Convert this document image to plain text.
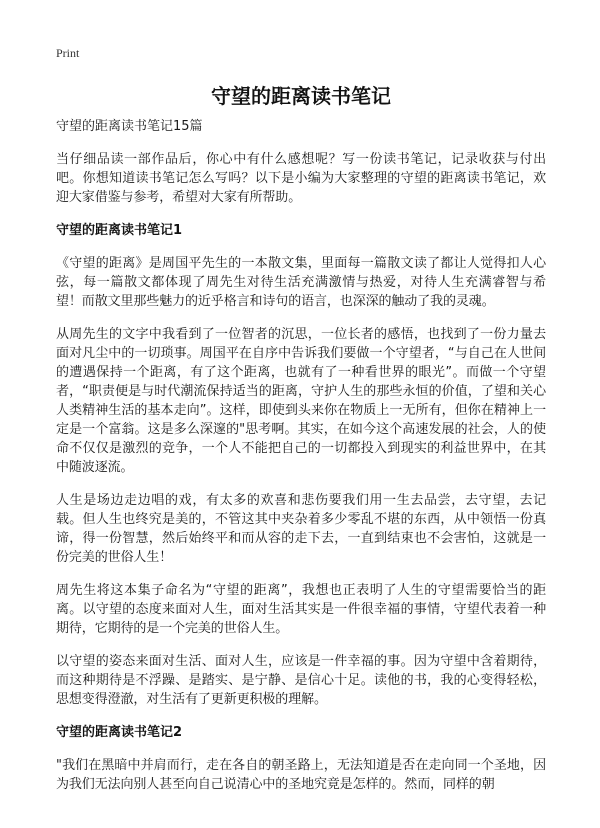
Print
守望的距离读书笔记
守望的距离读书笔记15篇

当仔细品读一部作品后，你心中有什么感想呢？写一份读书笔记，记录收获与付出吧。你想知道读书笔记怎么写吗？以下是小编为大家整理的守望的距离读书笔记，欢迎大家借鉴与参考，希望对大家有所帮助。

守望的距离读书笔记1

《守望的距离》是周国平先生的一本散文集，里面每一篇散文读了都让人觉得扣人心弦，每一篇散文都体现了周先生对待生活充满激情与热爱，对待人生充满睿智与希望！而散文里那些魅力的近乎格言和诗句的语言，也深深的触动了我的灵魂。

从周先生的文字中我看到了一位智者的沉思，一位长者的感悟，也找到了一份力量去面对凡尘中的一切琐事。周国平在自序中告诉我们要做一个守望者，“与自己在人世间的遭遇保持一个距离，有了这个距离，也就有了一种看世界的眼光”。而做一个守望者，“职责便是与时代潮流保持适当的距离，守护人生的那些永恒的价值，了望和关心人类精神生活的基本走向”。这样，即使到头来你在物质上一无所有，但你在精神上一定是一个富翁。这是多么深邃的"思考啊。其实，在如今这个高速发展的社会，人的使命不仅仅是激烈的竞争，一个人不能把自己的一切都投入到现实的利益世界中，在其中随波逐流。

人生是场边走边唱的戏，有太多的欢喜和悲伤要我们用一生去品尝，去守望，去记载。但人生也终究是美的，不管这其中夹杂着多少零乱不堪的东西，从中领悟一份真谛，得一份智慧，然后始终平和而从容的走下去，一直到结束也不会害怕，这就是一份完美的世俗人生！

周先生将这本集子命名为“守望的距离”，我想也正表明了人生的守望需要恰当的距离。以守望的态度来面对人生，面对生活其实是一件很幸福的事情，守望代表着一种期待，它期待的是一个完美的世俗人生。

以守望的姿态来面对生活、面对人生，应该是一件幸福的事。因为守望中含着期待，而这种期待是不浮躁、是踏实、是宁静、是信心十足。读他的书，我的心变得轻松，思想变得澄澈，对生活有了更新更积极的理解。

守望的距离读书笔记2

"我们在黑暗中并肩而行，走在各自的朝圣路上，无法知道是否在走向同一个圣地，因为我们无法向别人甚至向自己说清心中的圣地究竟是怎样的。然而，同样的朝
